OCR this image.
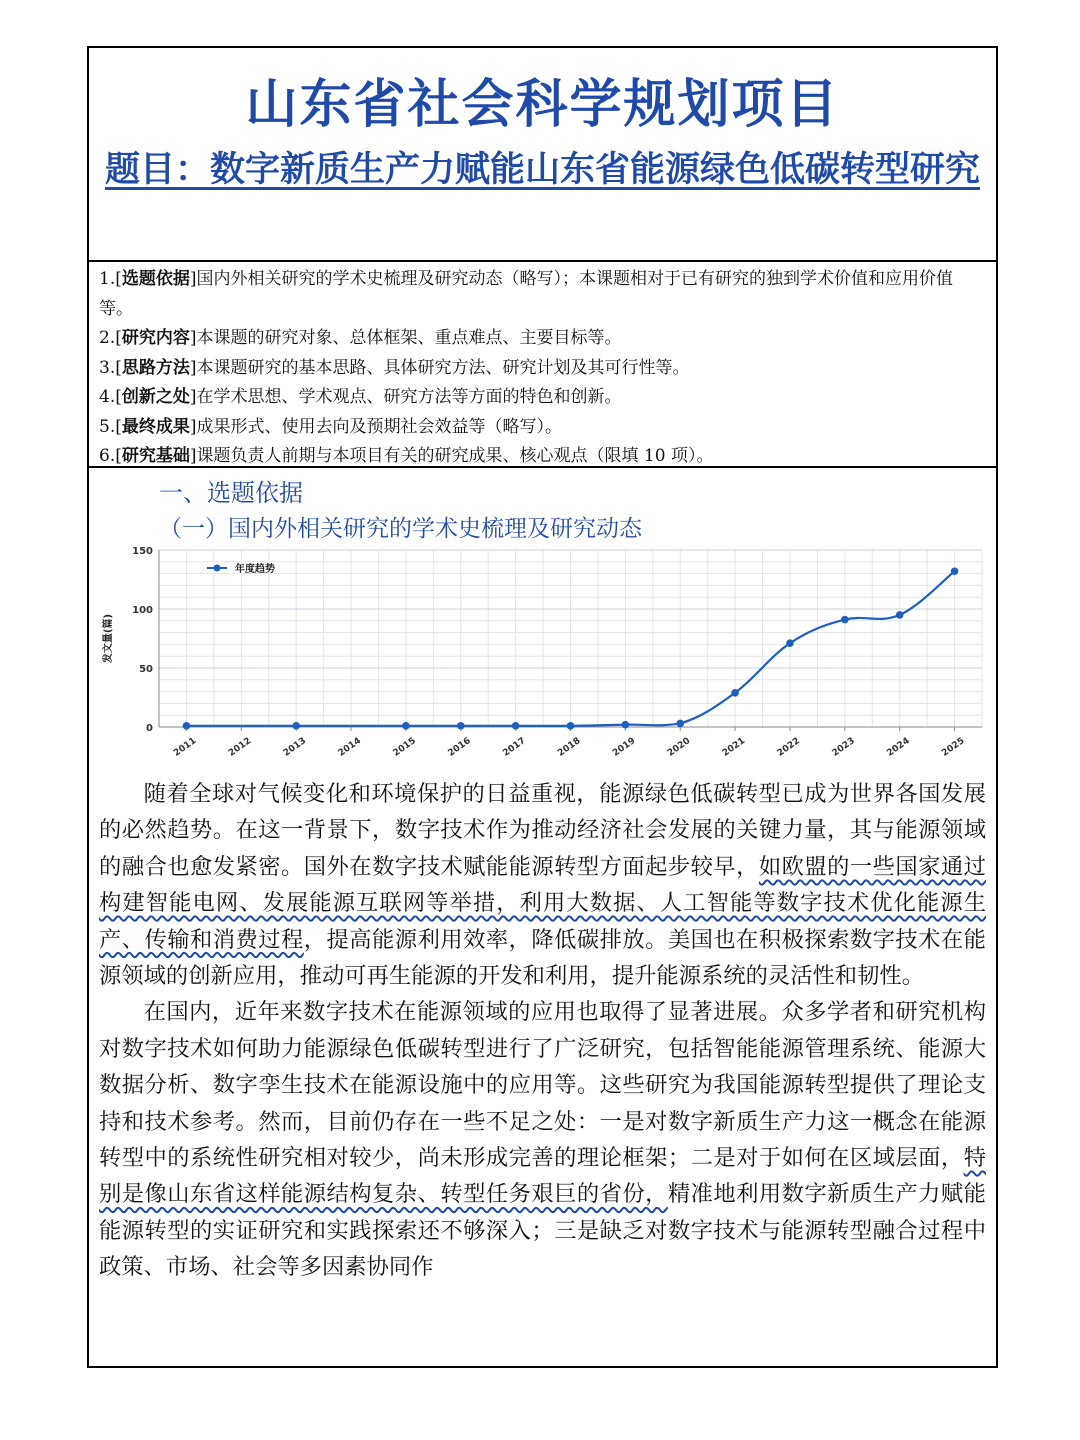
山东省社会科学规划项目
题目：数字新质生产力赋能山东省能源绿色低碳转型研究

1.[选题依据]国内外相关研究的学术史梳理及研究动态（略写）；本课题相对于已有研究的独到学术价值和应用价值等。

2.[研究内容]本课题的研究对象、总体框架、重点难点、主要目标等。

3.[思路方法]本课题研究的基本思路、具体研究方法、研究计划及其可行性等。

4.[创新之处]在学术思想、学术观点、研究方法等方面的特色和创新。

5.[最终成果]成果形式、使用去向及预期社会效益等（略写）。

6.[研究基础]课题负责人前期与本项目有关的研究成果、核心观点（限填 10 项）。

一、选题依据
（一）国内外相关研究的学术史梳理及研究动态
0
50
100
150
2011	2012	2013	2014	2015	2016	2017	2018	2019	2020	2021	2022	2023	2024	2025
发文量(篇)
年度趋势

随着全球对气候变化和环境保护的日益重视，能源绿色低碳转型已成为世界各国发展的必然趋势。在这一背景下，数字技术作为推动经济社会发展的关键力量，其与能源领域的融合也愈发紧密。国外在数字技术赋能能源转型方面起步较早，如欧盟的一些国家通过构建智能电网、发展能源互联网等举措，利用大数据、人工智能等数字技术优化能源生产、传输和消费过程，提高能源利用效率，降低碳排放。美国也在积极探索数字技术在能源领域的创新应用，推动可再生能源的开发和利用，提升能源系统的灵活性和韧性。

在国内，近年来数字技术在能源领域的应用也取得了显著进展。众多学者和研究机构对数字技术如何助力能源绿色低碳转型进行了广泛研究，包括智能能源管理系统、能源大数据分析、数字孪生技术在能源设施中的应用等。这些研究为我国能源转型提供了理论支持和技术参考。然而，目前仍存在一些不足之处：一是对数字新质生产力这一概念在能源转型中的系统性研究相对较少，尚未形成完善的理论框架；二是对于如何在区域层面，特别是像山东省这样能源结构复杂、转型任务艰巨的省份，精准地利用数字新质生产力赋能能源转型的实证研究和实践探索还不够深入；三是缺乏对数字技术与能源转型融合过程中政策、市场、社会等多因素协同作
